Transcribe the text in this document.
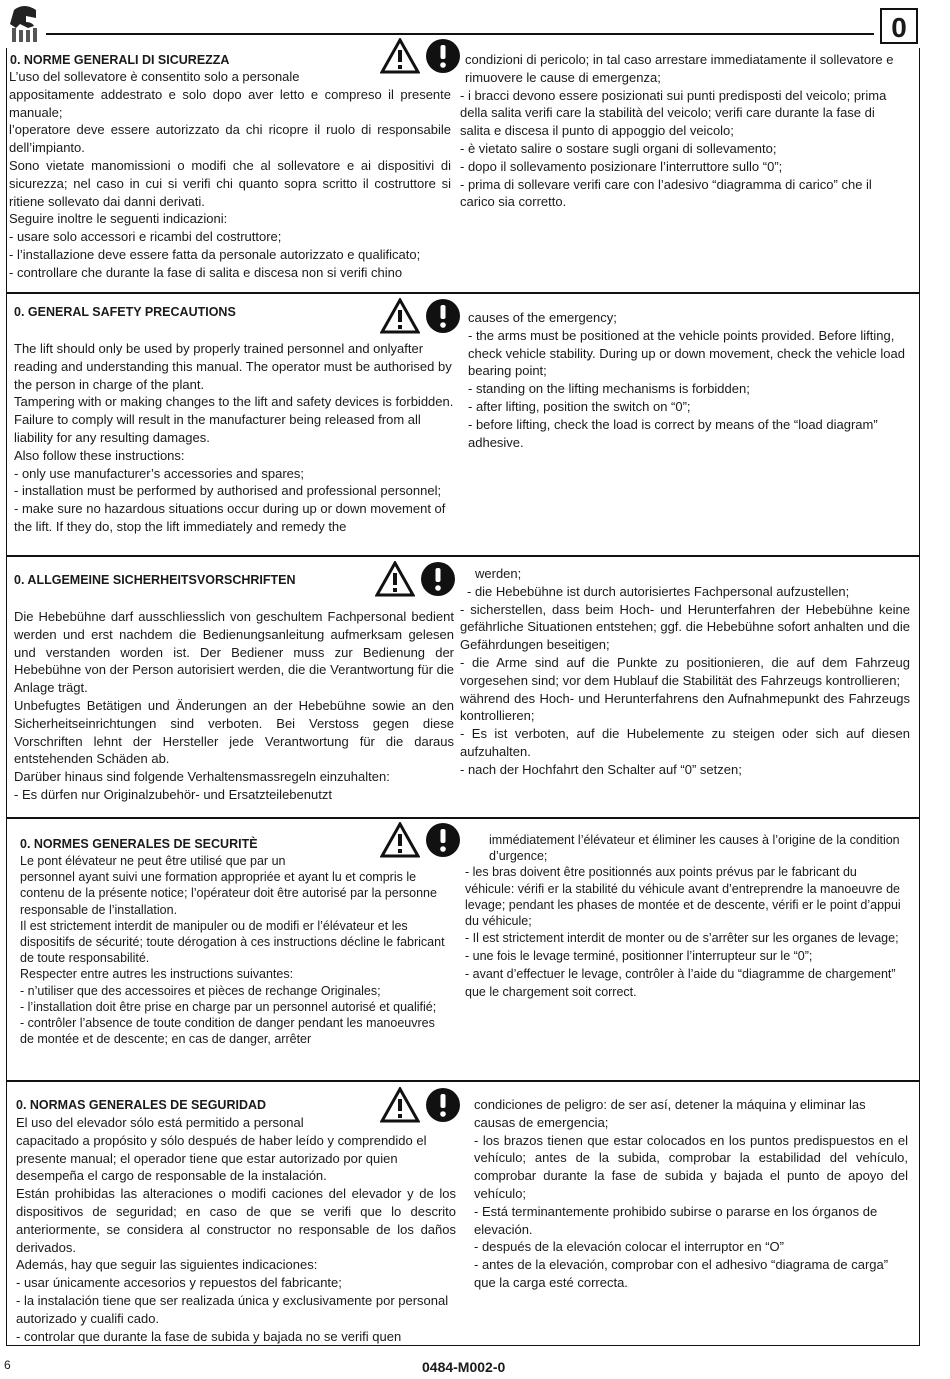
0
0. NORME GENERALI DI SICUREZZA

L’uso del sollevatore è consentito solo a personale

appositamente addestrato e solo dopo aver letto e compreso il presente manuale;

l’operatore deve essere autorizzato da chi ricopre il ruolo di responsabile dell’impianto.

Sono vietate manomissioni o modifi che al sollevatore e ai dispositivi di sicurezza; nel caso in cui si verifi chi quanto sopra scritto il costruttore si ritiene sollevato dai danni derivati.

Seguire inoltre le seguenti indicazioni:

- usare solo accessori e ricambi del costruttore;

- l’installazione deve essere fatta da personale autorizzato e qualificato;

- controllare che durante la fase di salita e discesa non si verifi chino

condizioni di pericolo; in tal caso arrestare immediatamente il sollevatore e rimuovere le cause di emergenza;

- i bracci devono essere posizionati sui punti predisposti del veicolo; prima della salita verifi care la stabilità del veicolo; verifi care durante la fase di salita e discesa il punto di appoggio del veicolo;

- è vietato salire o sostare sugli organi di sollevamento;

- dopo il sollevamento posizionare l’interruttore sullo “0”;

- prima di sollevare verifi care con l’adesivo “diagramma di carico” che il carico sia corretto.

0. GENERAL SAFETY PRECAUTIONS

The lift should only be used by properly trained personnel and onlyafter reading and understanding this manual. The operator must be authorised by the person in charge of the plant.

Tampering with or making changes to the lift and safety devices is forbidden. Failure to comply will result in the manufacturer being released from all liability for any resulting damages.

Also follow these instructions:

- only use manufacturer’s accessories and spares;

- installation must be performed by authorised and professional personnel;

- make sure no hazardous situations occur during up or down movement of the lift. If they do, stop the lift immediately and remedy the

causes of the emergency;

- the arms must be positioned at the vehicle points provided. Before lifting, check vehicle stability. During up or down movement, check the vehicle load bearing point;

- standing on the lifting mechanisms is forbidden;

- after lifting, position the switch on “0”;

- before lifting, check the load is correct by means of the “load diagram” adhesive.

0. ALLGEMEINE SICHERHEITSVORSCHRIFTEN

Die Hebebühne darf ausschliesslich von geschultem Fachpersonal bedient werden und erst nachdem die Bedienungsanleitung aufmerksam gelesen und verstanden worden ist. Der Bediener muss zur Bedienung der Hebebühne von der Person autorisiert werden, die die Verantwortung für die Anlage trägt.

Unbefugtes Betätigen und Änderungen an der Hebebühne sowie an den Sicherheitseinrichtungen sind verboten. Bei Verstoss gegen diese Vorschriften lehnt der Hersteller jede Verantwortung für die daraus entstehenden Schäden ab.

Darüber hinaus sind folgende Verhaltensmassregeln einzuhalten:

- Es dürfen nur Originalzubehör- und Ersatzteilebenutzt

werden;

- die Hebebühne ist durch autorisiertes Fachpersonal aufzustellen;

- sicherstellen, dass beim Hoch- und Herunterfahren der Hebebühne keine gefährliche Situationen entstehen; ggf. die Hebebühne sofort anhalten und die Gefährdungen beseitigen;

- die Arme sind auf die Punkte zu positionieren, die auf dem Fahrzeug vorgesehen sind; vor dem Hublauf die Stabilität des Fahrzeugs kontrollieren;

während des Hoch- und Herunterfahrens den Aufnahmepunkt des Fahrzeugs kontrollieren;

- Es ist verboten, auf die Hubelemente zu steigen oder sich auf diesen aufzuhalten.

- nach der Hochfahrt den Schalter auf “0” setzen;

0. NORMES GENERALES DE SECURITÈ

Le pont élévateur ne peut être utilisé que par un

personnel ayant suivi une formation appropriée et ayant lu et compris le contenu de la présente notice; l’opérateur doit être autorisé par la personne responsable de l’installation.

Il est strictement interdit de manipuler ou de modifi er l’élévateur et les dispositifs de sécurité; toute dérogation à ces instructions décline le fabricant de toute responsabilité.

Respecter entre autres les instructions suivantes:

- n’utiliser que des accessoires et pièces de rechange Originales;

- l’installation doit être prise en charge par un personnel autorisé et qualifié;

- contrôler l’absence de toute condition de danger pendant les manoeuvres de montée et de descente; en cas de danger, arrêter

immédiatement l’élévateur et éliminer les causes à l’origine de la condition d’urgence;

- les bras doivent être positionnés aux points prévus par le fabricant du véhicule: vérifi er la stabilité du véhicule avant d’entreprendre la manoeuvre de levage; pendant les phases de montée et de descente, vérifi er le point d’appui du véhicule;

- Il est strictement interdit de monter ou de s’arrêter sur les organes de levage;

- une fois le levage terminé, positionner l’interrupteur sur le “0”;

- avant d’effectuer le levage, contrôler à l’aide du “diagramme de chargement” que le chargement soit correct.

0. NORMAS GENERALES DE SEGURIDAD

El uso del elevador sólo está permitido a personal

capacitado a propósito y sólo después de haber leído y comprendido el presente manual; el operador tiene que estar autorizado por quien desempeña el cargo de responsable de la instalación.

Están prohibidas las alteraciones o modifi caciones del elevador y de los dispositivos de seguridad; en caso de que se verifi que lo descrito anteriormente, se considera al constructor no responsable de los daños derivados.

Además, hay que seguir las siguientes indicaciones:

- usar únicamente accesorios y repuestos del fabricante;

- la instalación tiene que ser realizada única y exclusivamente por personal autorizado y cualifi cado.

- controlar que durante la fase de subida y bajada no se verifi quen

condiciones de peligro: de ser así, detener la máquina y eliminar las causas de emergencia;

- los brazos tienen que estar colocados en los puntos predispuestos en el vehículo; antes de la subida, comprobar la estabilidad del vehículo, comprobar durante la fase de subida y bajada el punto de apoyo del vehículo;

- Está terminantemente prohibido subirse o pararse en los órganos de elevación.

- después de la elevación colocar el interruptor en “O”

- antes de la elevación, comprobar con el adhesivo “diagrama de carga” que la carga esté correcta.

6	0484-M002-0
